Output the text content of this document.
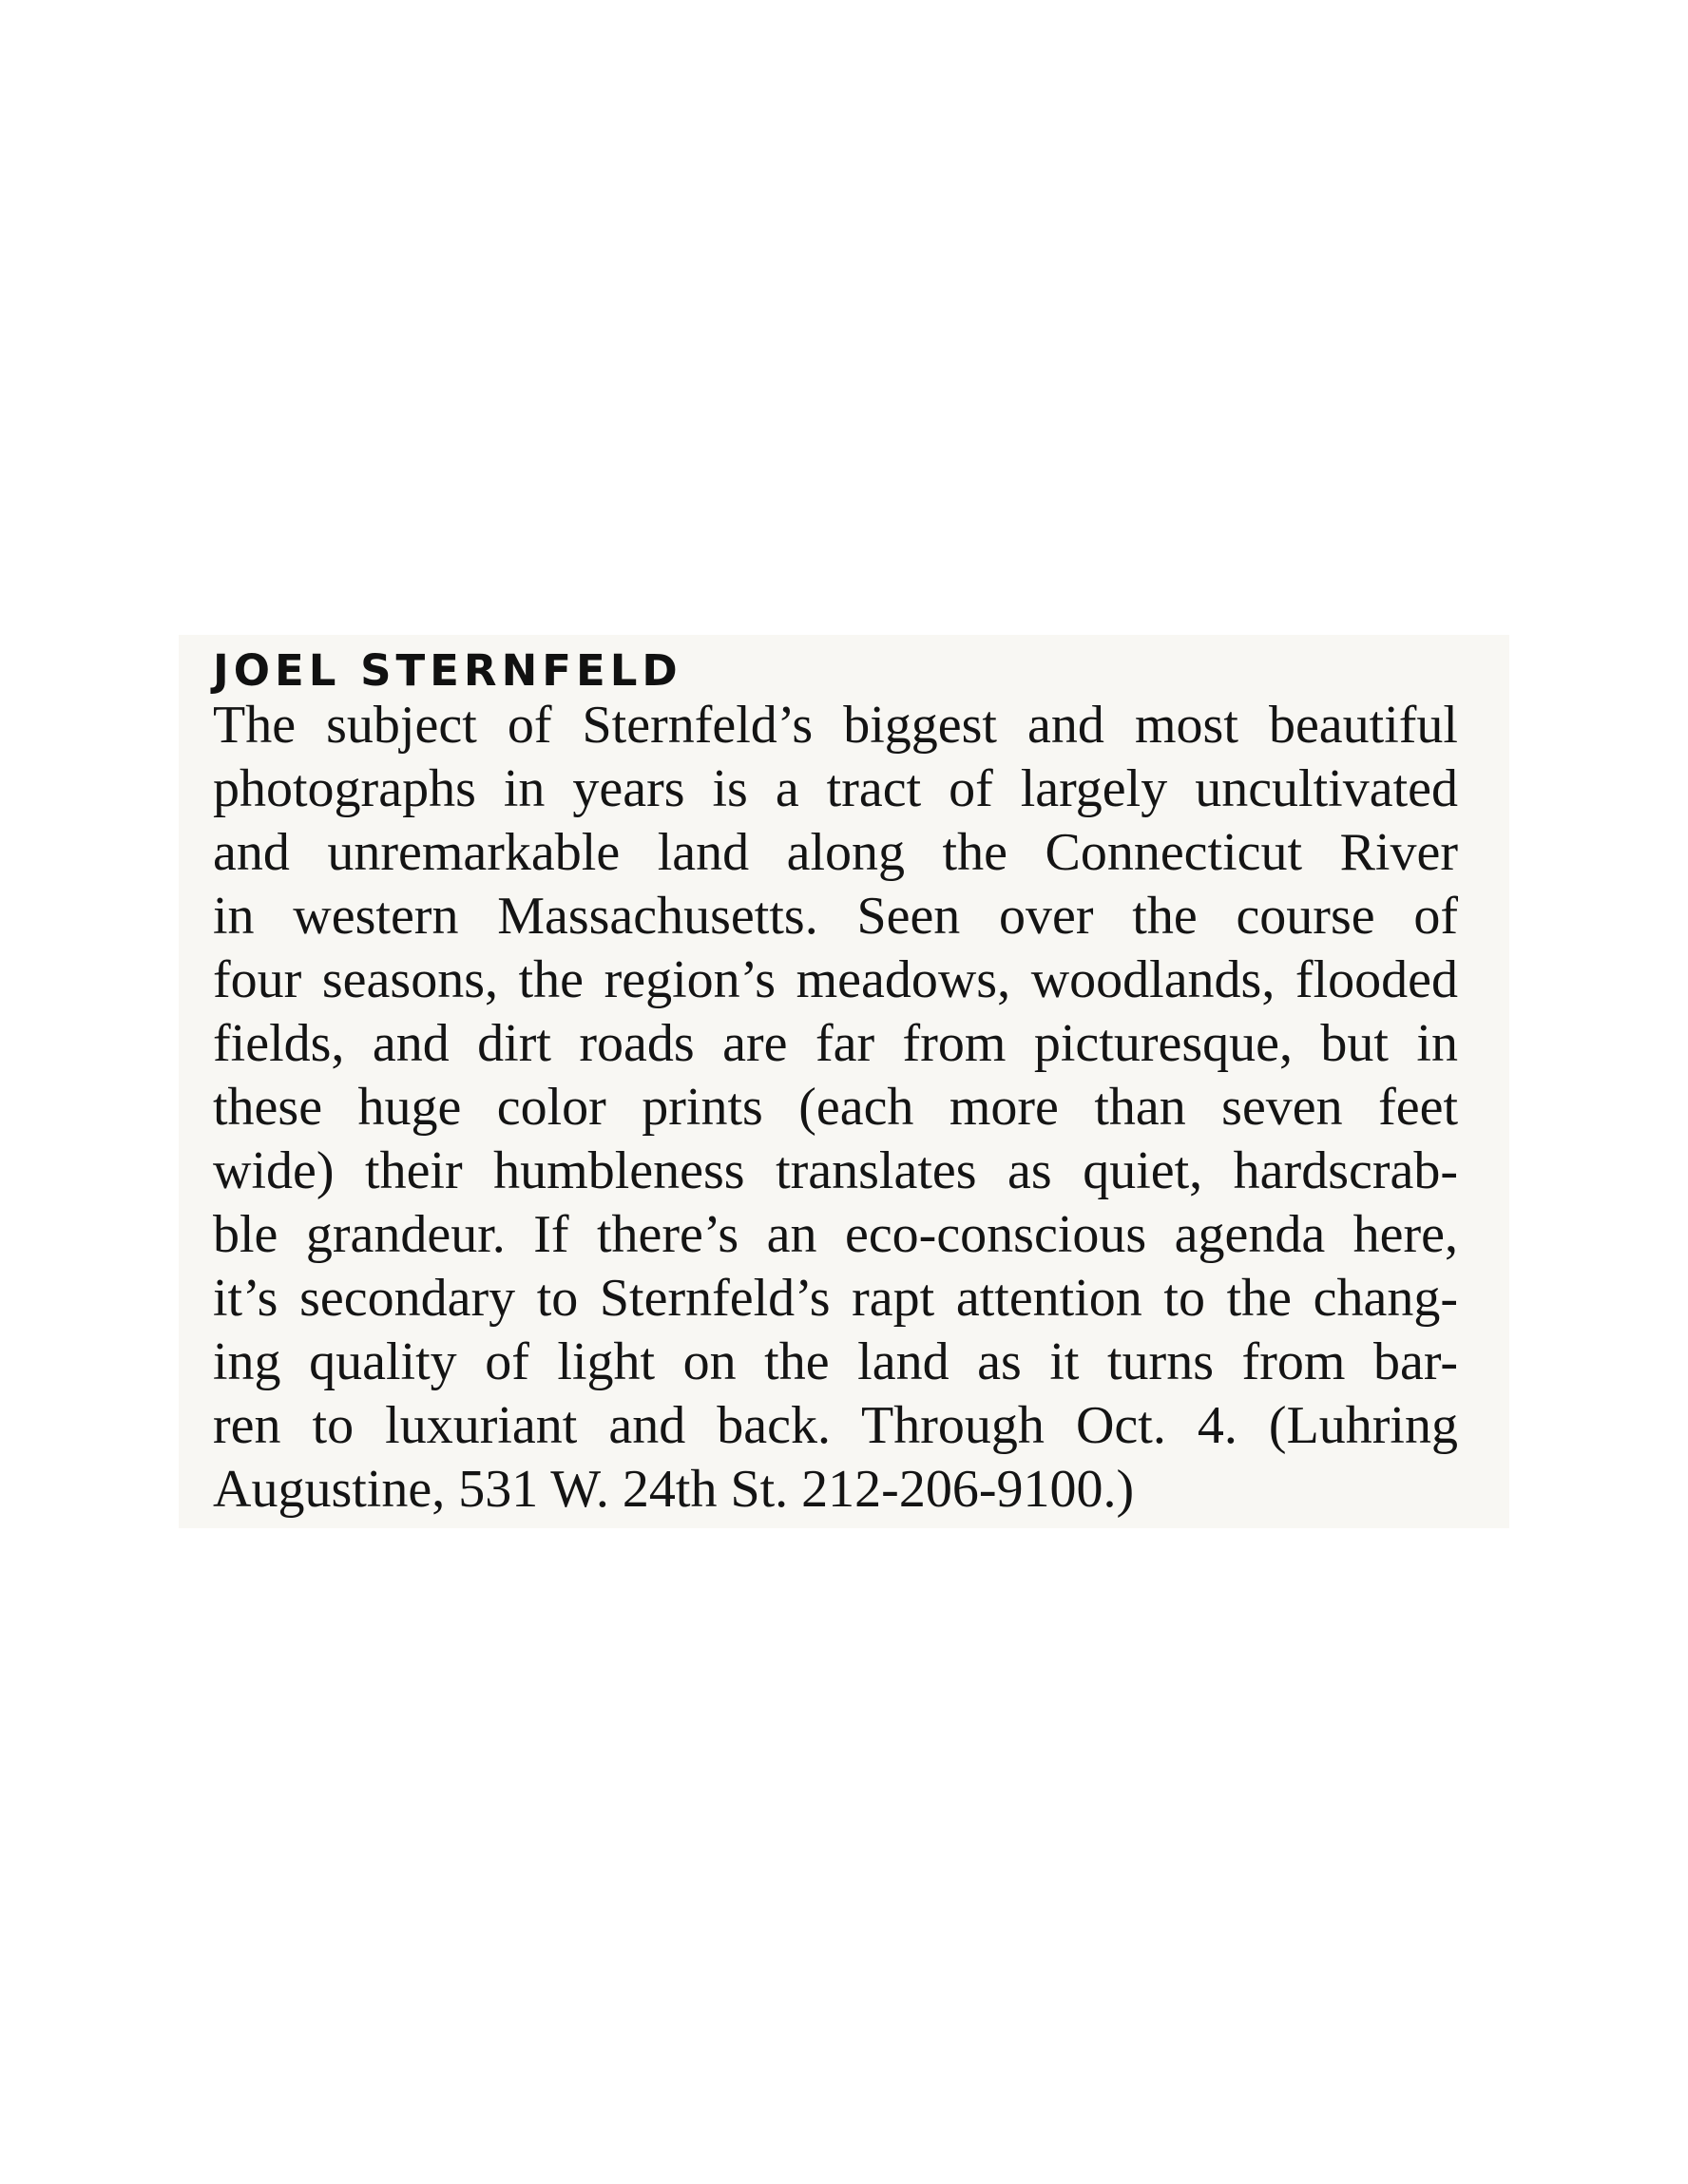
JOEL STERNFELD
The subject of Sternfeld’s biggest and most beautiful
photographs in years is a tract of largely uncultivated
and unremarkable land along the Connecticut River
in western Massachusetts. Seen over the course of
four seasons, the region’s meadows, woodlands, flooded
fields, and dirt roads are far from picturesque, but in
these huge color prints (each more than seven feet
wide) their humbleness translates as quiet, hardscrab-
ble grandeur. If there’s an eco-conscious agenda here,
it’s secondary to Sternfeld’s rapt attention to the chang-
ing quality of light on the land as it turns from bar-
ren to luxuriant and back. Through Oct. 4. (Luhring
Augustine, 531 W. 24th St. 212-206-9100.)
